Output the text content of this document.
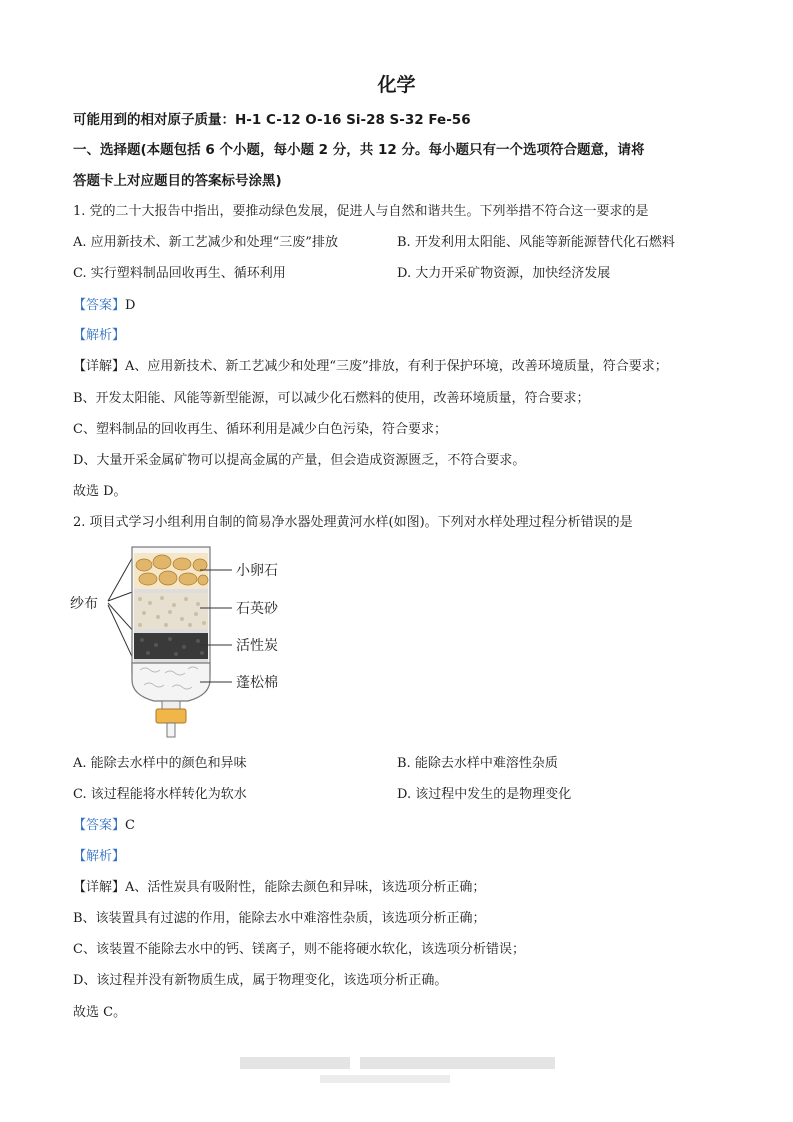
化学
可能用到的相对原子质量：H-1 C-12 O-16 Si-28 S-32 Fe-56
一、选择题(本题包括 6 个小题，每小题 2 分，共 12 分。每小题只有一个选项符合题意，请将
答题卡上对应题目的答案标号涂黑)
1. 党的二十大报告中指出，要推动绿色发展，促进人与自然和谐共生。下列举措不符合这一要求的是
A. 应用新技术、新工艺减少和处理“三废”排放	B. 开发利用太阳能、风能等新能源替代化石燃料
C. 实行塑料制品回收再生、循环利用	D. 大力开采矿物资源，加快经济发展
【答案】D
【解析】
【详解】A、应用新技术、新工艺减少和处理“三废”排放，有利于保护环境，改善环境质量，符合要求；
B、开发太阳能、风能等新型能源，可以减少化石燃料的使用，改善环境质量，符合要求；
C、塑料制品的回收再生、循环利用是减少白色污染，符合要求；
D、大量开采金属矿物可以提高金属的产量，但会造成资源匮乏，不符合要求。
故选 D。
2. 项目式学习小组利用自制的简易净水器处理黄河水样(如图)。下列对水样处理过程分析错误的是
纱布
小卵石
石英砂
活性炭
蓬松棉
A. 能除去水样中的颜色和异味	B. 能除去水样中难溶性杂质
C. 该过程能将水样转化为软水	D. 该过程中发生的是物理变化
【答案】C
【解析】
【详解】A、活性炭具有吸附性，能除去颜色和异味，该选项分析正确；
B、该装置具有过滤的作用，能除去水中难溶性杂质，该选项分析正确；
C、该装置不能除去水中的钙、镁离子，则不能将硬水软化，该选项分析错误；
D、该过程并没有新物质生成，属于物理变化，该选项分析正确。
故选 C。
